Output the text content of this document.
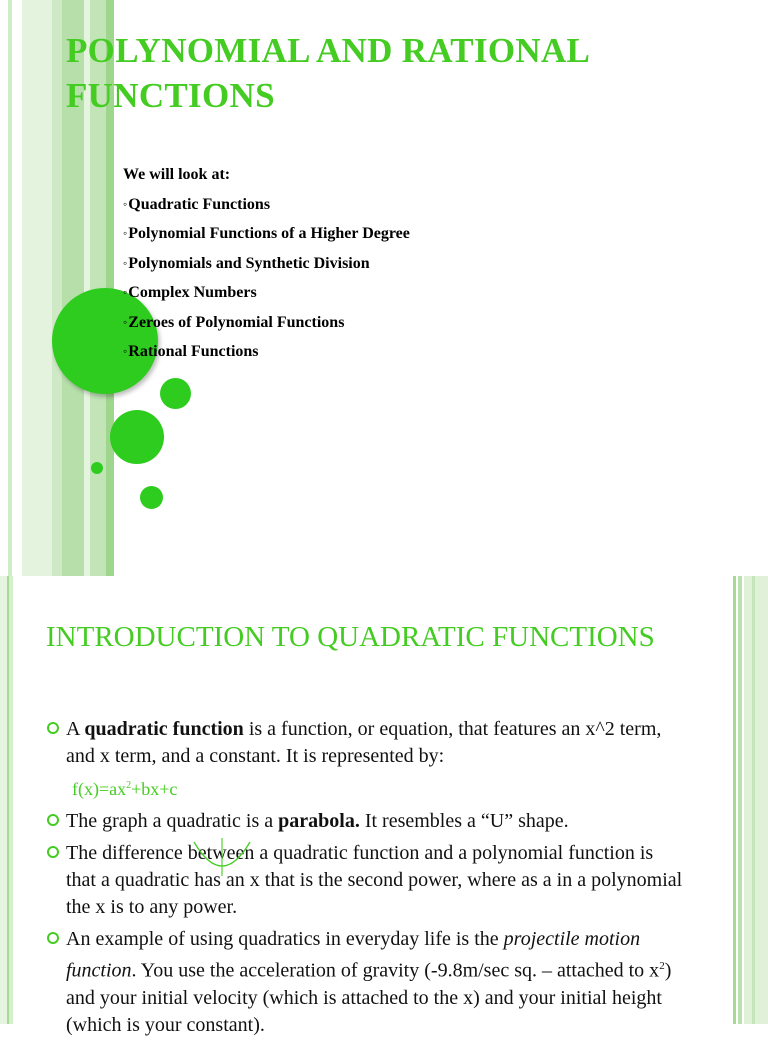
POLYNOMIAL AND RATIONAL FUNCTIONS
We will look at:
◦Quadratic Functions
◦Polynomial Functions of a Higher Degree
◦Polynomials and Synthetic Division
◦Complex Numbers
◦Zeroes of Polynomial Functions
◦Rational Functions
INTRODUCTION TO QUADRATIC FUNCTIONS
A quadratic function is a function, or equation, that features an x^2 term, and x term, and a constant. It is represented by:
$f(x)=ax^2+bx+c$
The graph a quadratic is a parabola. It resembles a “U” shape.
The difference between a quadratic function and a polynomial function is that a quadratic has an x that is the second power, where as a in a polynomial the x is to any power.
An example of using quadratics in everyday life is the projectile motion function. You use the acceleration of gravity (-9.8m/sec sq. – attached to $x^2$) and your initial velocity (which is attached to the x) and your initial height (which is your constant).
